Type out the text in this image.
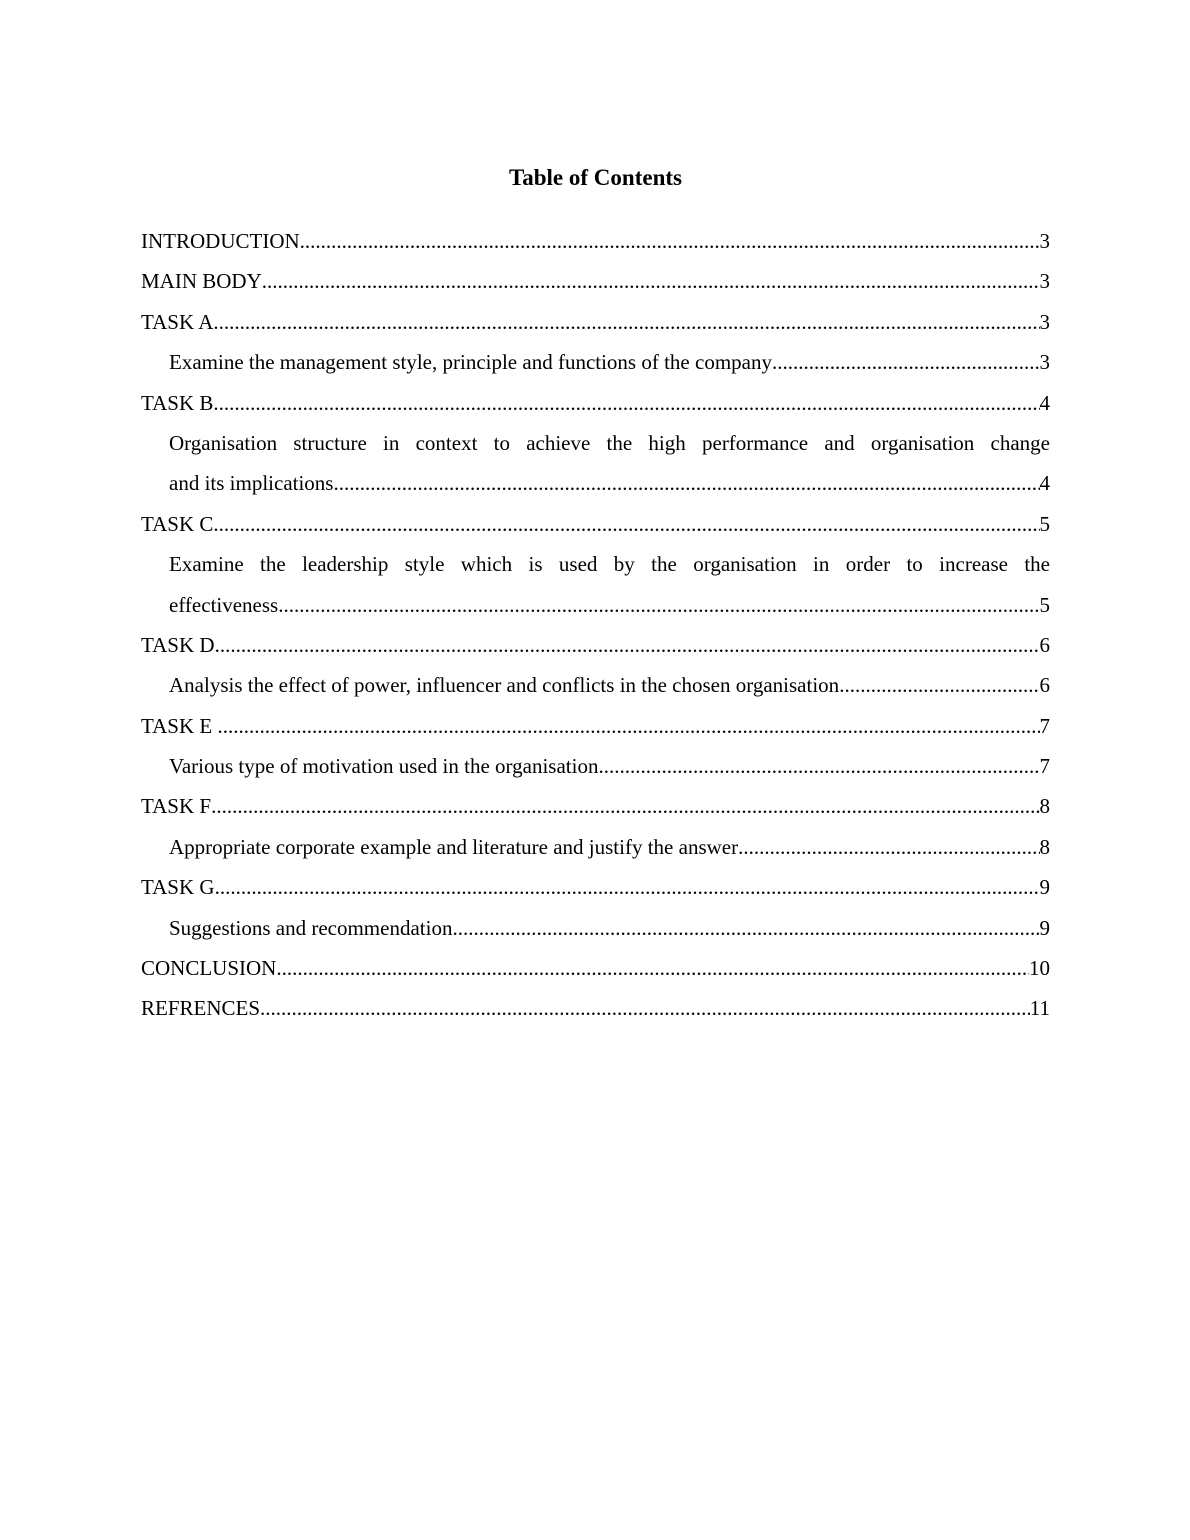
Table of Contents
INTRODUCTION .....	3
MAIN BODY .....	3
TASK A .....	3
Examine the management style, principle and functions of the company .....	3
TASK B .....	4
Organisation structure in context to achieve the high performance and organisation change
and its implications .....	4
TASK C .....	5
Examine the leadership style which is used by the organisation in order to increase the
effectiveness .....	5
TASK D .....	6
Analysis the effect of power, influencer and conflicts in the chosen organisation .....	6
TASK E .....	7
Various type of motivation used in the organisation .....	7
TASK F .....	8
Appropriate corporate example and literature and justify the answer .....	8
TASK G .....	9
Suggestions and recommendation .....	9
CONCLUSION .....	10
REFRENCES .....	11
